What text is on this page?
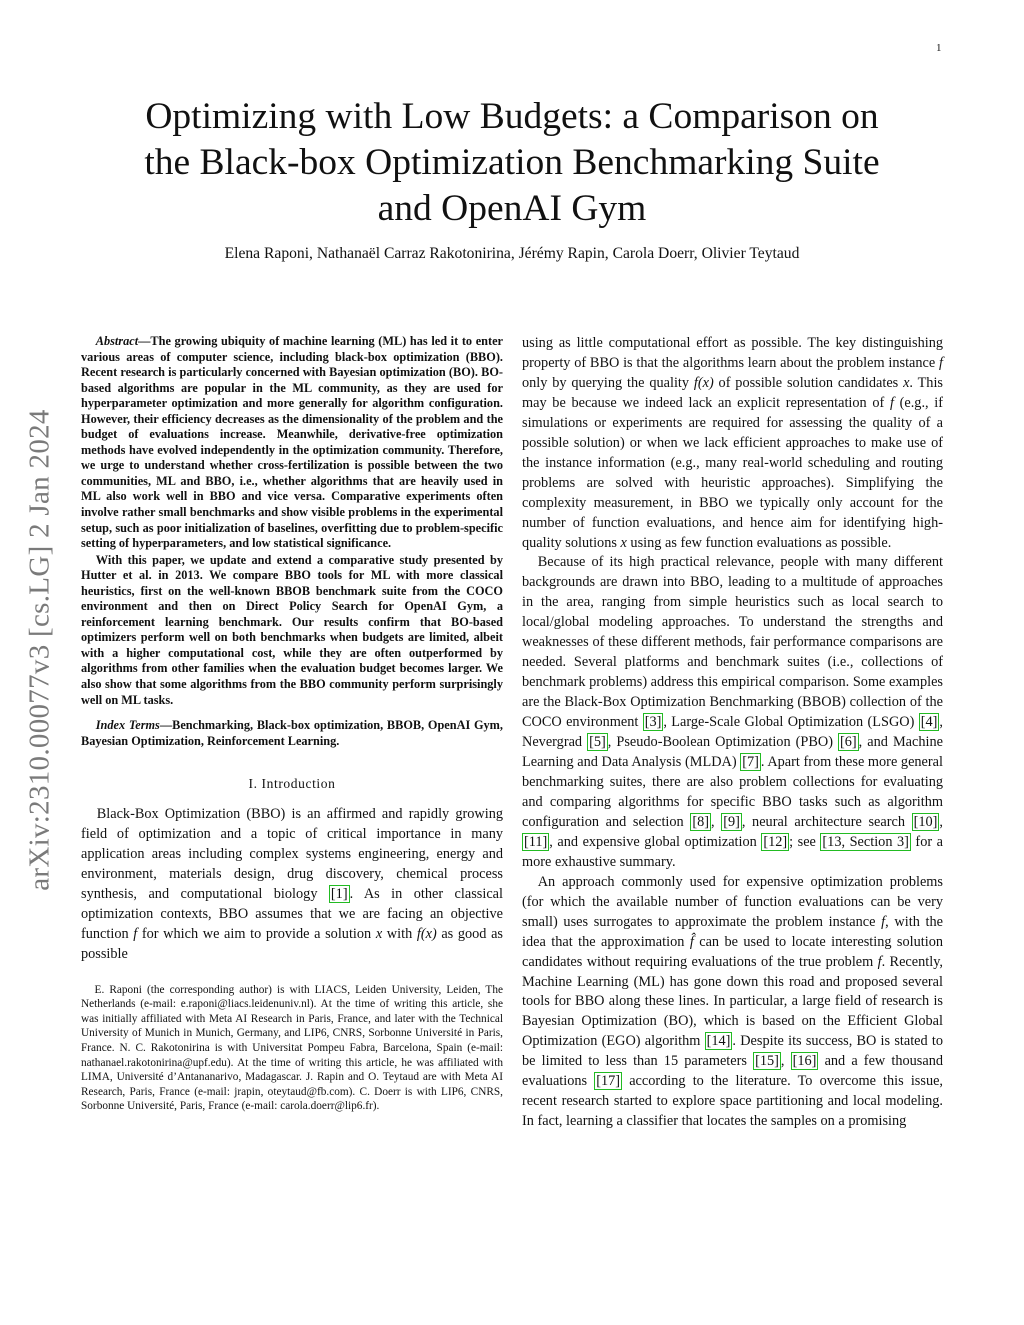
1
arXiv:2310.00077v3 [cs.LG] 2 Jan 2024
Optimizing with Low Budgets: a Comparison on
the Black-box Optimization Benchmarking Suite
and OpenAI Gym
Elena Raponi, Nathanaël Carraz Rakotonirina, Jérémy Rapin, Carola Doerr, Olivier Teytaud

Abstract—The growing ubiquity of machine learning (ML) has led it to enter various areas of computer science, including black-box optimization (BBO). Recent research is particularly concerned with Bayesian optimization (BO). BO-based algorithms are popular in the ML community, as they are used for hyperparameter optimization and more generally for algorithm configuration. However, their efficiency decreases as the dimensionality of the problem and the budget of evaluations increase. Meanwhile, derivative-free optimization methods have evolved independently in the optimization community. Therefore, we urge to understand whether cross-fertilization is possible between the two communities, ML and BBO, i.e., whether algorithms that are heavily used in ML also work well in BBO and vice versa. Comparative experiments often involve rather small benchmarks and show visible problems in the experimental setup, such as poor initialization of baselines, overfitting due to problem-specific setting of hyperparameters, and low statistical significance.

With this paper, we update and extend a comparative study presented by Hutter et al. in 2013. We compare BBO tools for ML with more classical heuristics, first on the well-known BBOB benchmark suite from the COCO environment and then on Direct Policy Search for OpenAI Gym, a reinforcement learning benchmark. Our results confirm that BO-based optimizers perform well on both benchmarks when budgets are limited, albeit with a higher computational cost, while they are often outperformed by algorithms from other families when the evaluation budget becomes larger. We also show that some algorithms from the BBO community perform surprisingly well on ML tasks.

Index Terms—Benchmarking, Black-box optimization, BBOB, OpenAI Gym, Bayesian Optimization, Reinforcement Learning.

I. Introduction

Black-Box Optimization (BBO) is an affirmed and rapidly growing field of optimization and a topic of critical importance in many application areas including complex systems engineering, energy and environment, materials design, drug discovery, chemical process synthesis, and computational biology [1] . As in other classical optimization contexts, BBO assumes that we are facing an objective function f for which we aim to provide a solution x with f(x) as good as possible

E. Raponi (the corresponding author) is with LIACS, Leiden University, Leiden, The Netherlands (e-mail: e.raponi@liacs.leidenuniv.nl). At the time of writing this article, she was initially affiliated with Meta AI Research in Paris, France, and later with the Technical University of Munich in Munich, Germany, and LIP6, CNRS, Sorbonne Université in Paris, France. N. C. Rakotonirina is with Universitat Pompeu Fabra, Barcelona, Spain (e-mail: nathanael.rakotonirina@upf.edu). At the time of writing this article, he was affiliated with LIMA, Université d’Antananarivo, Madagascar. J. Rapin and O. Teytaud are with Meta AI Research, Paris, France (e-mail: jrapin, oteytaud@fb.com). C. Doerr is with LIP6, CNRS, Sorbonne Université, Paris, France (e-mail: carola.doerr@lip6.fr).

using as little computational effort as possible. The key distinguishing property of BBO is that the algorithms learn about the problem instance f only by querying the quality f(x) of possible solution candidates x. This may be because we indeed lack an explicit representation of f (e.g., if simulations or experiments are required for assessing the quality of a possible solution) or when we lack efficient approaches to make use of the instance information (e.g., many real-world scheduling and routing problems are solved with heuristic approaches). Simplifying the complexity measurement, in BBO we typically only account for the number of function evaluations, and hence aim for identifying high-quality solutions x using as few function evaluations as possible.

Because of its high practical relevance, people with many different backgrounds are drawn into BBO, leading to a multitude of approaches in the area, ranging from simple heuristics such as local search to local/global modeling approaches. To understand the strengths and weaknesses of these different methods, fair performance comparisons are needed. Several platforms and benchmark suites (i.e., collections of benchmark problems) address this empirical comparison. Some examples are the Black-Box Optimization Benchmarking (BBOB) collection of the COCO environment [3] , Large-Scale Global Optimization (LSGO) [4] , Nevergrad [5] , Pseudo-Boolean Optimization (PBO) [6] , and Machine Learning and Data Analysis (MLDA) [7] . Apart from these more general benchmarking suites, there are also problem collections for evaluating and comparing algorithms for specific BBO tasks such as algorithm configuration and selection [8] , [9] , neural architecture search [10] , [11] , and expensive global optimization [12] ; see [13, Section 3] for a more exhaustive summary.

An approach commonly used for expensive optimization problems (for which the available number of function evaluations can be very small) uses surrogates to approximate the problem instance f, with the idea that the approximation f̂ can be used to locate interesting solution candidates without requiring evaluations of the true problem f. Recently, Machine Learning (ML) has gone down this road and proposed several tools for BBO along these lines. In particular, a large field of research is Bayesian Optimization (BO), which is based on the Efficient Global Optimization (EGO) algorithm [14] . Despite its success, BO is stated to be limited to less than 15 parameters [15] , [16] and a few thousand evaluations [17] according to the literature. To overcome this issue, recent research started to explore space partitioning and local modeling. In fact, learning a classifier that locates the samples on a promising
